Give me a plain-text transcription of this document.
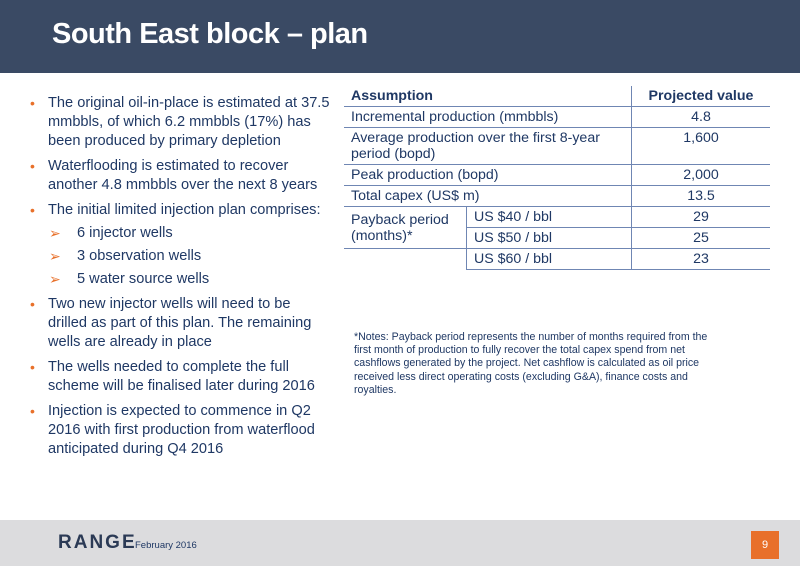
South East block – plan
• The original oil-in-place is estimated at 37.5 mmbbls, of which 6.2 mmbbls (17%) has been produced by primary depletion
• Waterflooding is estimated to recover another 4.8 mmbbls over the next 8 years
• The initial limited injection plan comprises:
➢ 6 injector wells
➢ 3 observation wells
➢ 5 water source wells
• Two new injector wells will need to be drilled as part of this plan. The remaining wells are already in place
• The wells needed to complete the full scheme will be finalised later during 2016
• Injection is expected to commence in Q2 2016 with first production from waterflood anticipated during Q4 2016
Assumption		Projected value
Incremental production (mmbbls)		4.8
Average production over the first 8-year period (bopd)		1,600
Peak production (bopd)		2,000
Total capex (US$ m)		13.5
Payback period (months)*	US $40 / bbl	29
	US $50 / bbl	25
	US $60 / bbl	23
*Notes: Payback period represents the number of months required from the first month of production to fully recover the total capex spend from net cashflows generated by the project. Net cashflow is calculated as oil price received less direct operating costs (excluding G&A), finance costs and royalties.
RANGE
February 2016	9
